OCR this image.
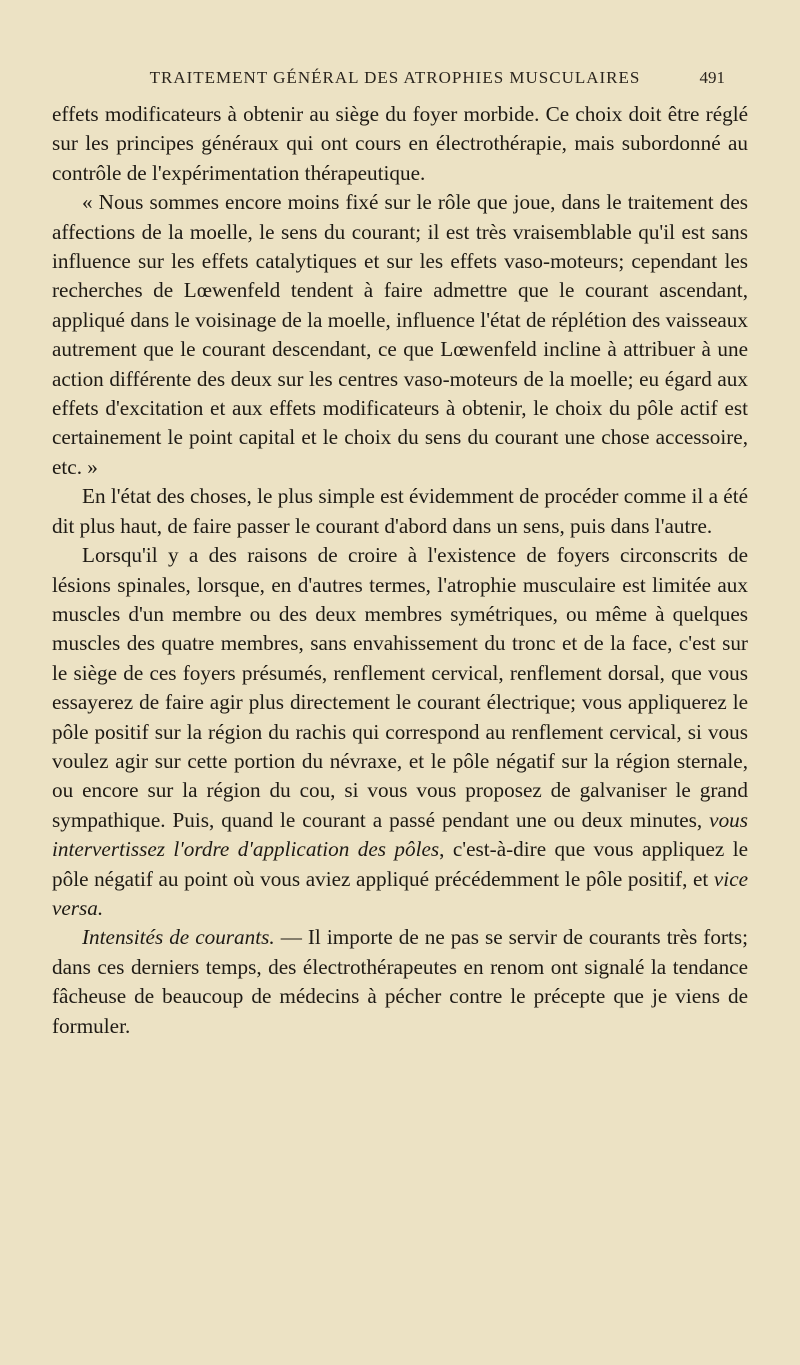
TRAITEMENT GÉNÉRAL DES ATROPHIES MUSCULAIRES	491

effets modificateurs à obtenir au siège du foyer morbide. Ce choix doit être réglé sur les principes généraux qui ont cours en électrothérapie, mais subordonné au contrôle de l'expérimentation thérapeutique.

« Nous sommes encore moins fixé sur le rôle que joue, dans le traitement des affections de la moelle, le sens du courant; il est très vraisemblable qu'il est sans influence sur les effets catalytiques et sur les effets vaso-moteurs; cependant les recherches de Lœwenfeld tendent à faire admettre que le courant ascendant, appliqué dans le voisinage de la moelle, influence l'état de réplétion des vaisseaux autrement que le courant descendant, ce que Lœwenfeld incline à attribuer à une action différente des deux sur les centres vaso-moteurs de la moelle; eu égard aux effets d'excitation et aux effets modificateurs à obtenir, le choix du pôle actif est certainement le point capital et le choix du sens du courant une chose accessoire, etc. »

En l'état des choses, le plus simple est évidemment de procéder comme il a été dit plus haut, de faire passer le courant d'abord dans un sens, puis dans l'autre.

Lorsqu'il y a des raisons de croire à l'existence de foyers circonscrits de lésions spinales, lorsque, en d'autres termes, l'atrophie musculaire est limitée aux muscles d'un membre ou des deux membres symétriques, ou même à quelques muscles des quatre membres, sans envahissement du tronc et de la face, c'est sur le siège de ces foyers présumés, renflement cervical, renflement dorsal, que vous essayerez de faire agir plus directement le courant électrique; vous appliquerez le pôle positif sur la région du rachis qui correspond au renflement cervical, si vous voulez agir sur cette portion du névraxe, et le pôle négatif sur la région sternale, ou encore sur la région du cou, si vous vous proposez de galvaniser le grand sympathique. Puis, quand le courant a passé pendant une ou deux minutes, vous intervertissez l'ordre d'application des pôles, c'est-à-dire que vous appliquez le pôle négatif au point où vous aviez appliqué précédemment le pôle positif, et vice versa.

Intensités de courants. — Il importe de ne pas se servir de courants très forts; dans ces derniers temps, des électrothérapeutes en renom ont signalé la tendance fâcheuse de beaucoup de médecins à pécher contre le précepte que je viens de formuler.
